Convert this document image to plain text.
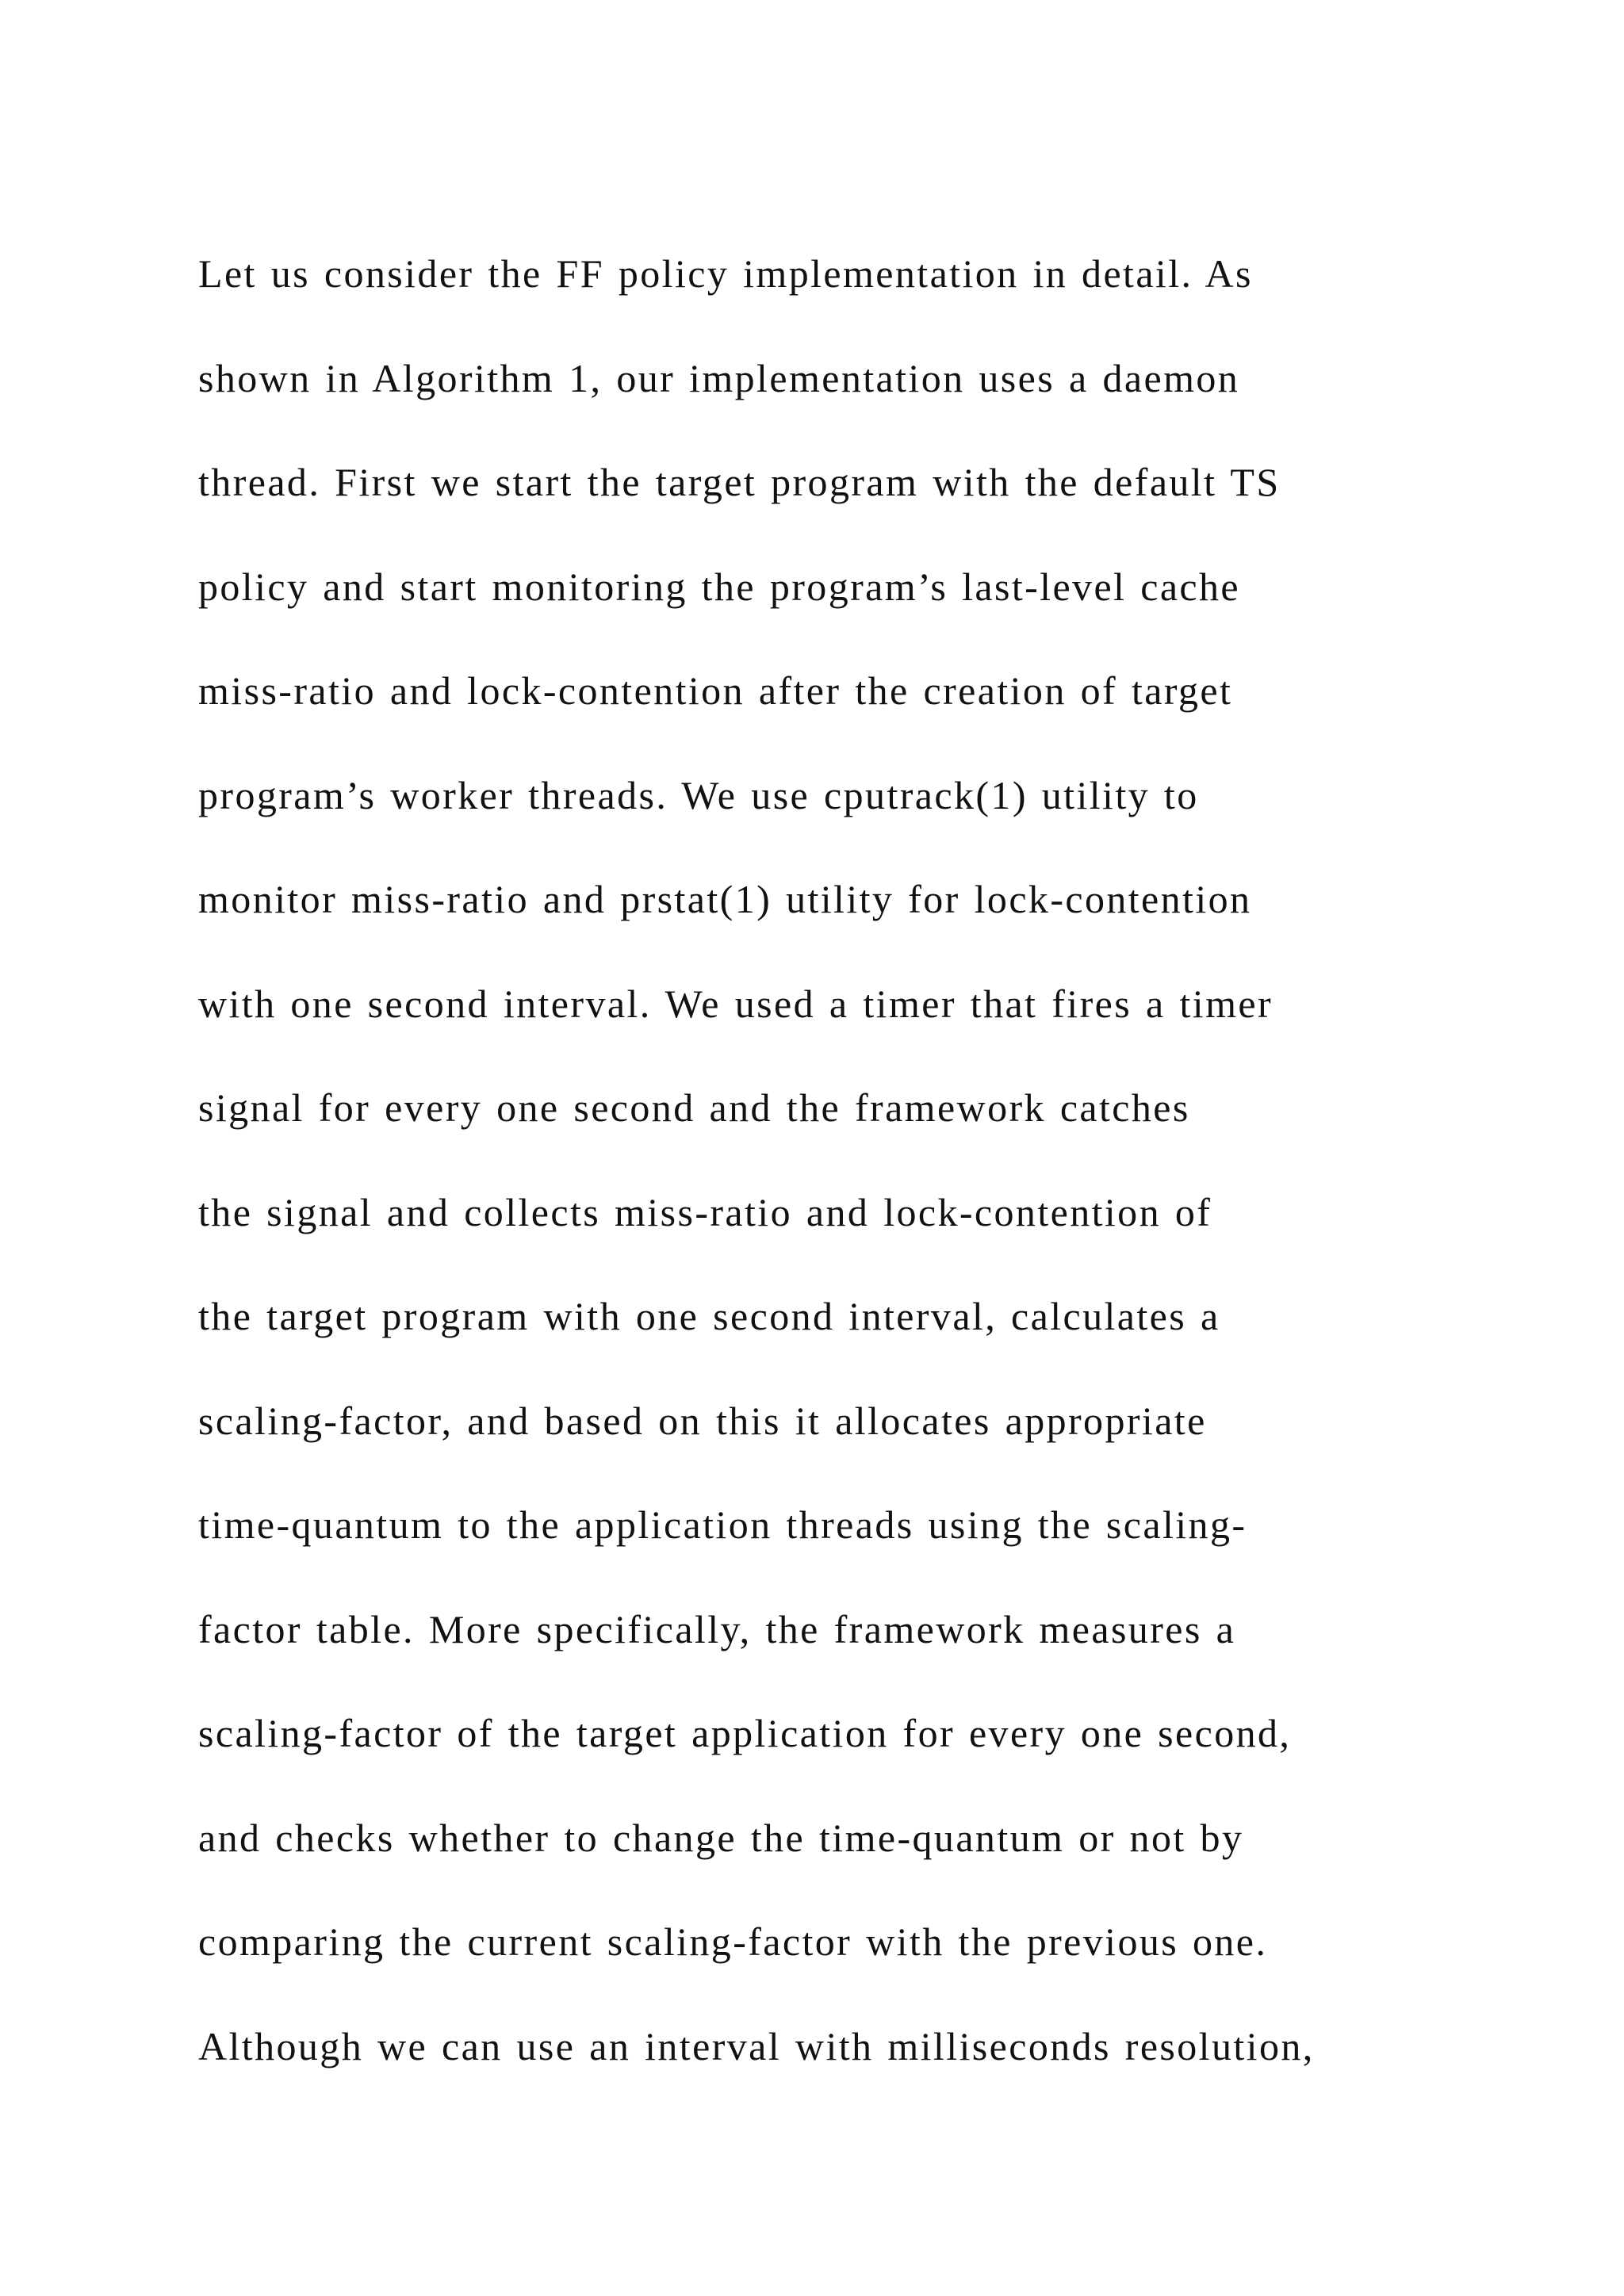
Let us consider the FF policy implementation in detail. As
shown in Algorithm 1, our implementation uses a daemon
thread. First we start the target program with the default TS
policy and start monitoring the program’s last-level cache
miss-ratio and lock-contention after the creation of target
program’s worker threads. We use cputrack(1) utility to
monitor miss-ratio and prstat(1) utility for lock-contention
with one second interval. We used a timer that fires a timer
signal for every one second and the framework catches
the signal and collects miss-ratio and lock-contention of
the target program with one second interval, calculates a
scaling-factor, and based on this it allocates appropriate
time-quantum to the application threads using the scaling-
factor table. More specifically, the framework measures a
scaling-factor of the target application for every one second,
and checks whether to change the time-quantum or not by
comparing the current scaling-factor with the previous one.
Although we can use an interval with milliseconds resolution,
